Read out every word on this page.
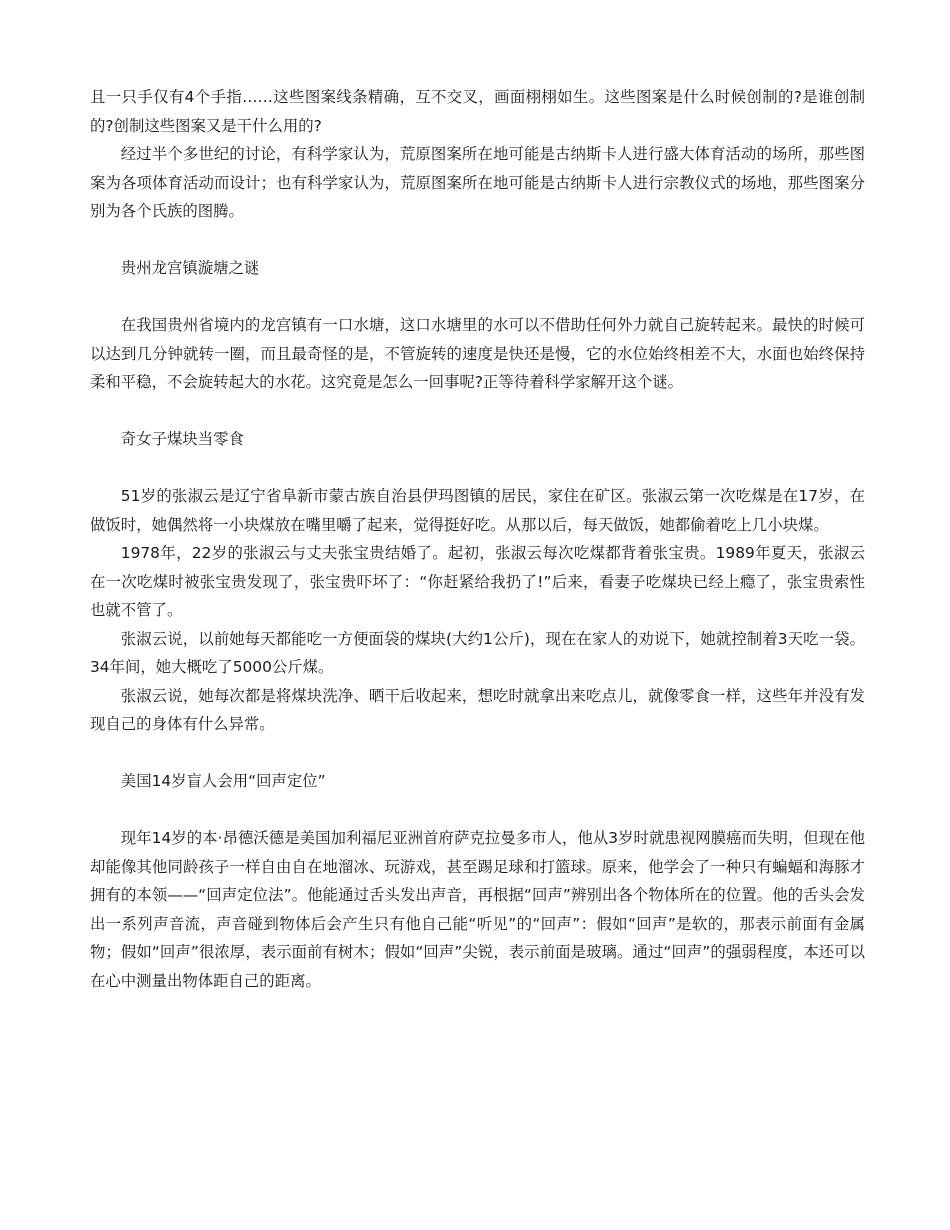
且一只手仅有4个手指……这些图案线条精确，互不交叉，画面栩栩如生。这些图案是什么时候创制的?是谁创制的?创制这些图案又是干什么用的?

经过半个多世纪的讨论，有科学家认为，荒原图案所在地可能是古纳斯卡人进行盛大体育活动的场所，那些图案为各项体育活动而设计；也有科学家认为，荒原图案所在地可能是古纳斯卡人进行宗教仪式的场地，那些图案分别为各个氏族的图腾。

贵州龙宫镇漩塘之谜

在我国贵州省境内的龙宫镇有一口水塘，这口水塘里的水可以不借助任何外力就自己旋转起来。最快的时候可以达到几分钟就转一圈，而且最奇怪的是，不管旋转的速度是快还是慢，它的水位始终相差不大，水面也始终保持柔和平稳，不会旋转起大的水花。这究竟是怎么一回事呢?正等待着科学家解开这个谜。

奇女子煤块当零食

51岁的张淑云是辽宁省阜新市蒙古族自治县伊玛图镇的居民，家住在矿区。张淑云第一次吃煤是在17岁，在做饭时，她偶然将一小块煤放在嘴里嚼了起来，觉得挺好吃。从那以后，每天做饭，她都偷着吃上几小块煤。

1978年，22岁的张淑云与丈夫张宝贵结婚了。起初，张淑云每次吃煤都背着张宝贵。1989年夏天，张淑云在一次吃煤时被张宝贵发现了，张宝贵吓坏了：“你赶紧给我扔了!”后来，看妻子吃煤块已经上瘾了，张宝贵索性也就不管了。

张淑云说，以前她每天都能吃一方便面袋的煤块(大约1公斤)，现在在家人的劝说下，她就控制着3天吃一袋。34年间，她大概吃了5000公斤煤。

张淑云说，她每次都是将煤块洗净、晒干后收起来，想吃时就拿出来吃点儿，就像零食一样，这些年并没有发现自己的身体有什么异常。

美国14岁盲人会用“回声定位”

现年14岁的本·昂德沃德是美国加利福尼亚洲首府萨克拉曼多市人，他从3岁时就患视网膜癌而失明，但现在他却能像其他同龄孩子一样自由自在地溜冰、玩游戏，甚至踢足球和打篮球。原来，他学会了一种只有蝙蝠和海豚才拥有的本领——“回声定位法”。他能通过舌头发出声音，再根据“回声”辨别出各个物体所在的位置。他的舌头会发出一系列声音流，声音碰到物体后会产生只有他自己能“听见”的“回声”：假如“回声”是软的，那表示前面有金属物；假如“回声”很浓厚，表示面前有树木；假如“回声”尖锐，表示前面是玻璃。通过“回声”的强弱程度，本还可以在心中测量出物体距自己的距离。
